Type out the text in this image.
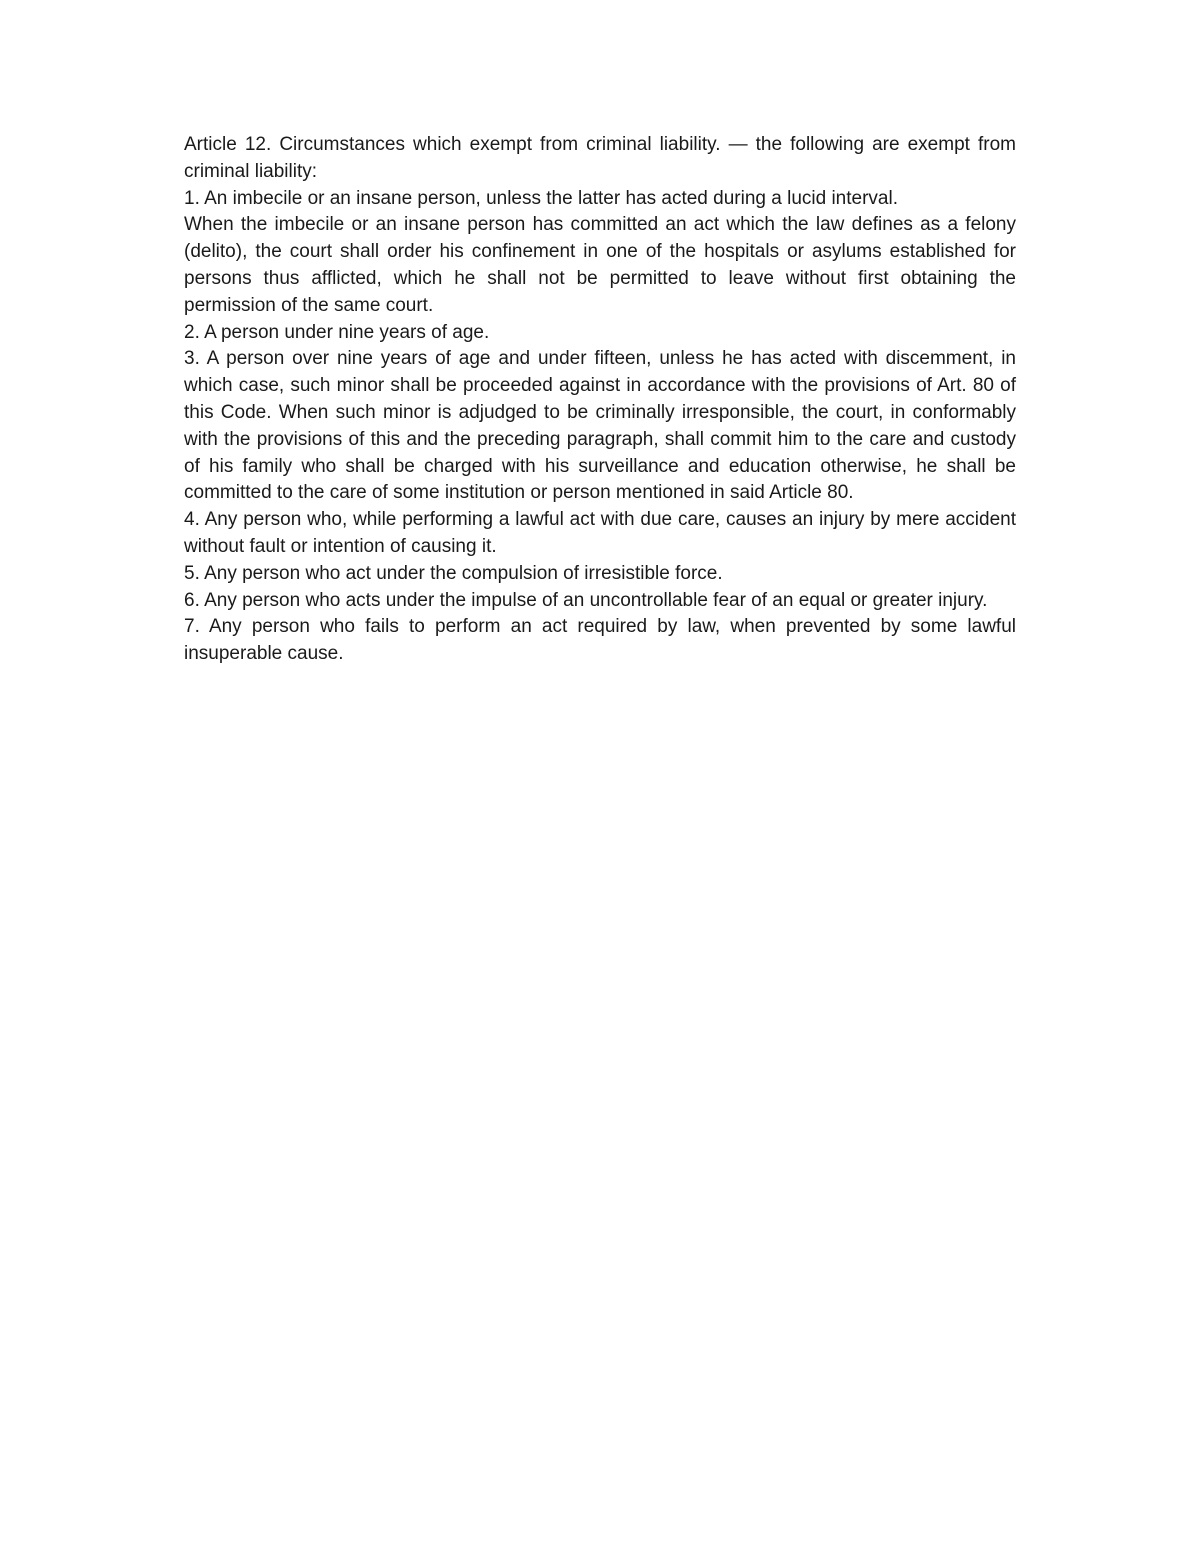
Article 12. Circumstances which exempt from criminal liability. — the following are exempt from criminal liability:

1. An imbecile or an insane person, unless the latter has acted during a lucid interval.

When the imbecile or an insane person has committed an act which the law defines as a felony (delito), the court shall order his confinement in one of the hospitals or asylums established for persons thus afflicted, which he shall not be permitted to leave without first obtaining the permission of the same court.

2. A person under nine years of age.

3. A person over nine years of age and under fifteen, unless he has acted with discemment, in which case, such minor shall be proceeded against in accordance with the provisions of Art. 80 of this Code. When such minor is adjudged to be criminally irresponsible, the court, in conformably with the provisions of this and the preceding paragraph, shall commit him to the care and custody of his family who shall be charged with his surveillance and education otherwise, he shall be committed to the care of some institution or person mentioned in said Article 80.

4. Any person who, while performing a lawful act with due care, causes an injury by mere accident without fault or intention of causing it.

5. Any person who act under the compulsion of irresistible force.

6. Any person who acts under the impulse of an uncontrollable fear of an equal or greater injury.

7. Any person who fails to perform an act required by law, when prevented by some lawful insuperable cause.
